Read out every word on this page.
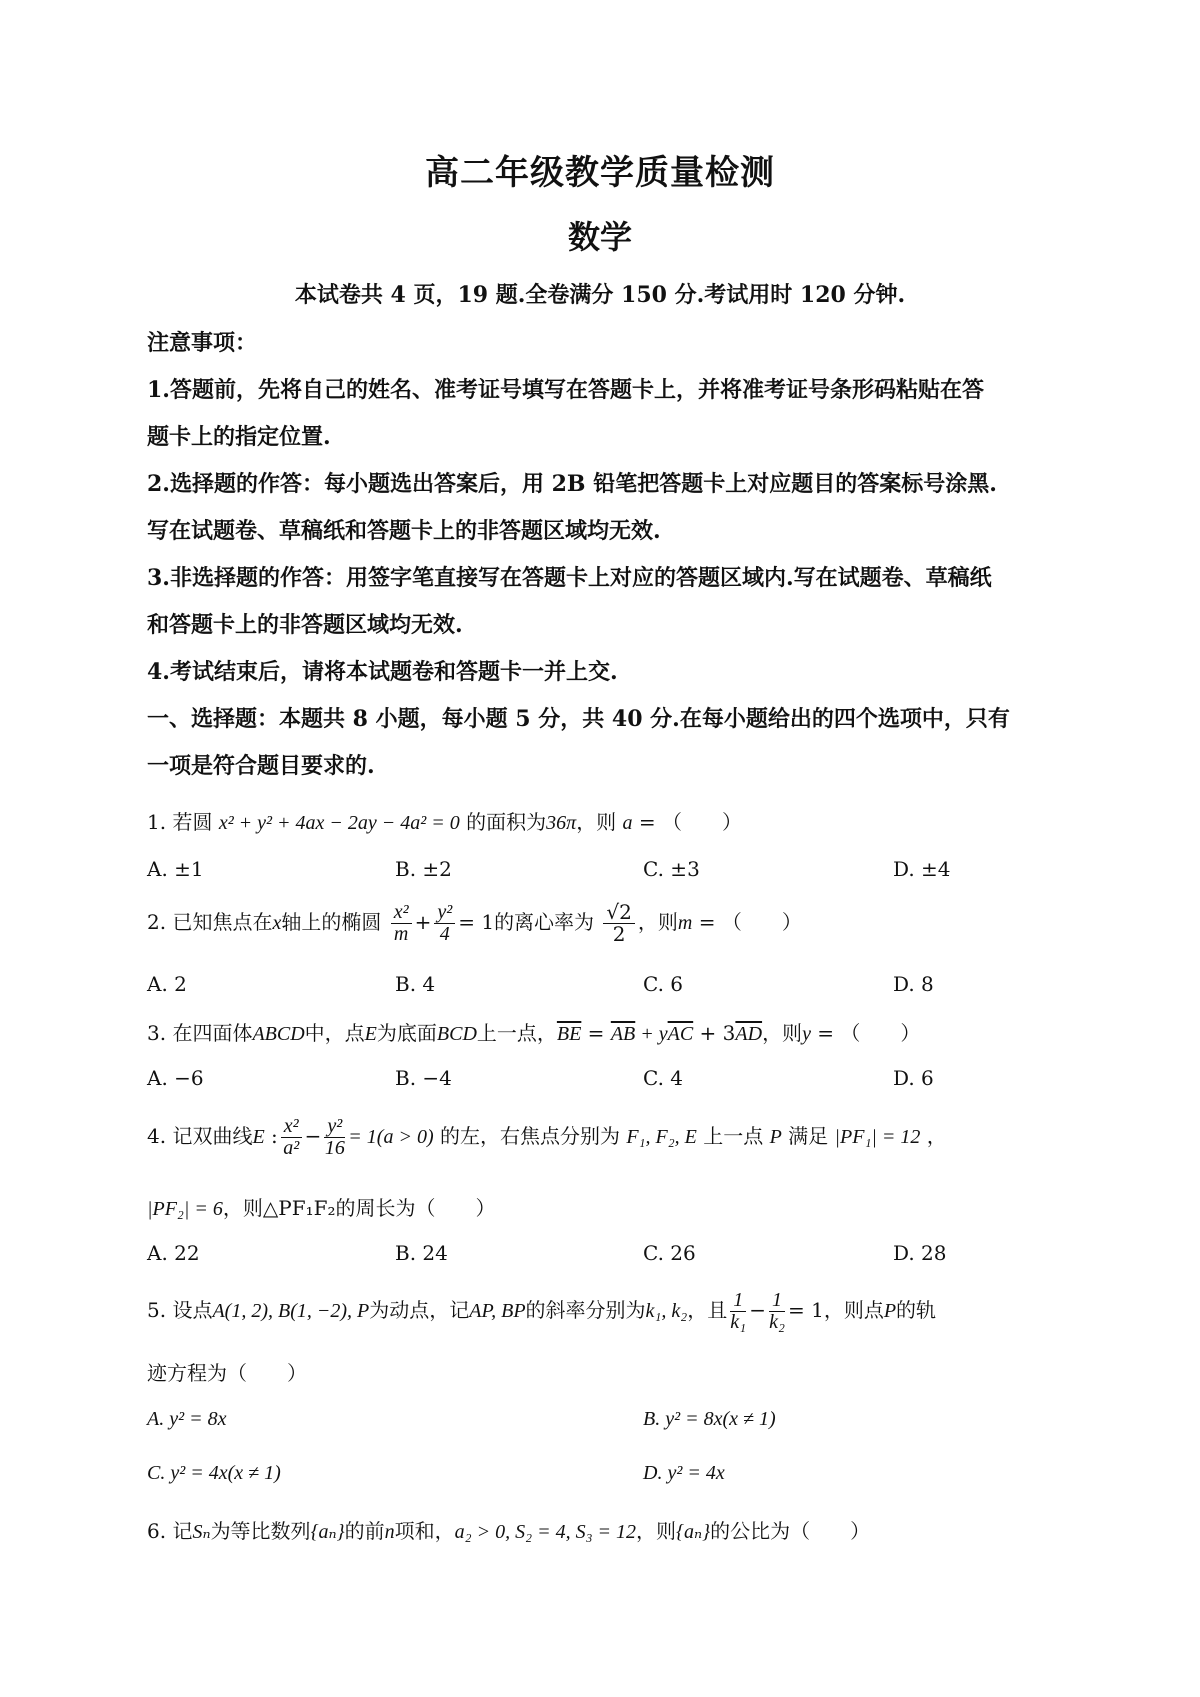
高二年级教学质量检测
数学
本试卷共 4 页，19 题.全卷满分 150 分.考试用时 120 分钟.
注意事项：
1.答题前，先将自己的姓名、准考证号填写在答题卡上，并将准考证号条形码粘贴在答
题卡上的指定位置.
2.选择题的作答：每小题选出答案后，用 2B 铅笔把答题卡上对应题目的答案标号涂黑.
写在试题卷、草稿纸和答题卡上的非答题区域均无效.
3.非选择题的作答：用签字笔直接写在答题卡上对应的答题区域内.写在试题卷、草稿纸
和答题卡上的非答题区域均无效.
4.考试结束后，请将本试题卷和答题卡一并上交.
一、选择题：本题共 8 小题，每小题 5 分，共 40 分.在每小题给出的四个选项中，只有
一项是符合题目要求的.
1. 若圆 x² + y² + 4ax − 2ay − 4a² = 0 的面积为36π，则 a = （　　）
A. ±1	B. ±2	C. ±3	D. ±4
2. 已知焦点在x轴上的椭圆 $\frac{\text{x²}}{m} + \frac{\text{y²}}{4} = 1$的离心率为 $\frac{√2}{2}$ ，则m = （　　）
A. 2	B. 4	C. 6	D. 8
3. 在四面体ABCD中，点E为底面BCD上一点，$\overline{BE} = \overline{AB} + y\overline{AC} + 3\overline{AD}$，则y = （　　）
A. −6	B. −4	C. 4	D. 6
4. 记双曲线E : $\frac{\text{x²}}{\text{a²}} - \frac{\text{y²}}{16} = 1(a > 0)$ 的左，右焦点分别为 F₁, F₂, E 上一点 P 满足 |PF₁| = 12 ，
|PF₂| = 6，则△PF₁F₂的周长为（　　）
A. 22	B. 24	C. 26	D. 28
5. 设点A(1, 2), B(1, −2), P为动点，记AP, BP的斜率分别为k₁, k₂，且 $\frac{1}{\text{k₁}} - \frac{1}{\text{k₂}} = 1$，则点P的轨
迹方程为（　　）
A. y² = 8x	B. y² = 8x(x ≠ 1)
C. y² = 4x(x ≠ 1)	D. y² = 4x
6. 记Sₙ为等比数列{aₙ}的前n项和，a₂ > 0, S₂ = 4, S₃ = 12，则{aₙ}的公比为（　　）
